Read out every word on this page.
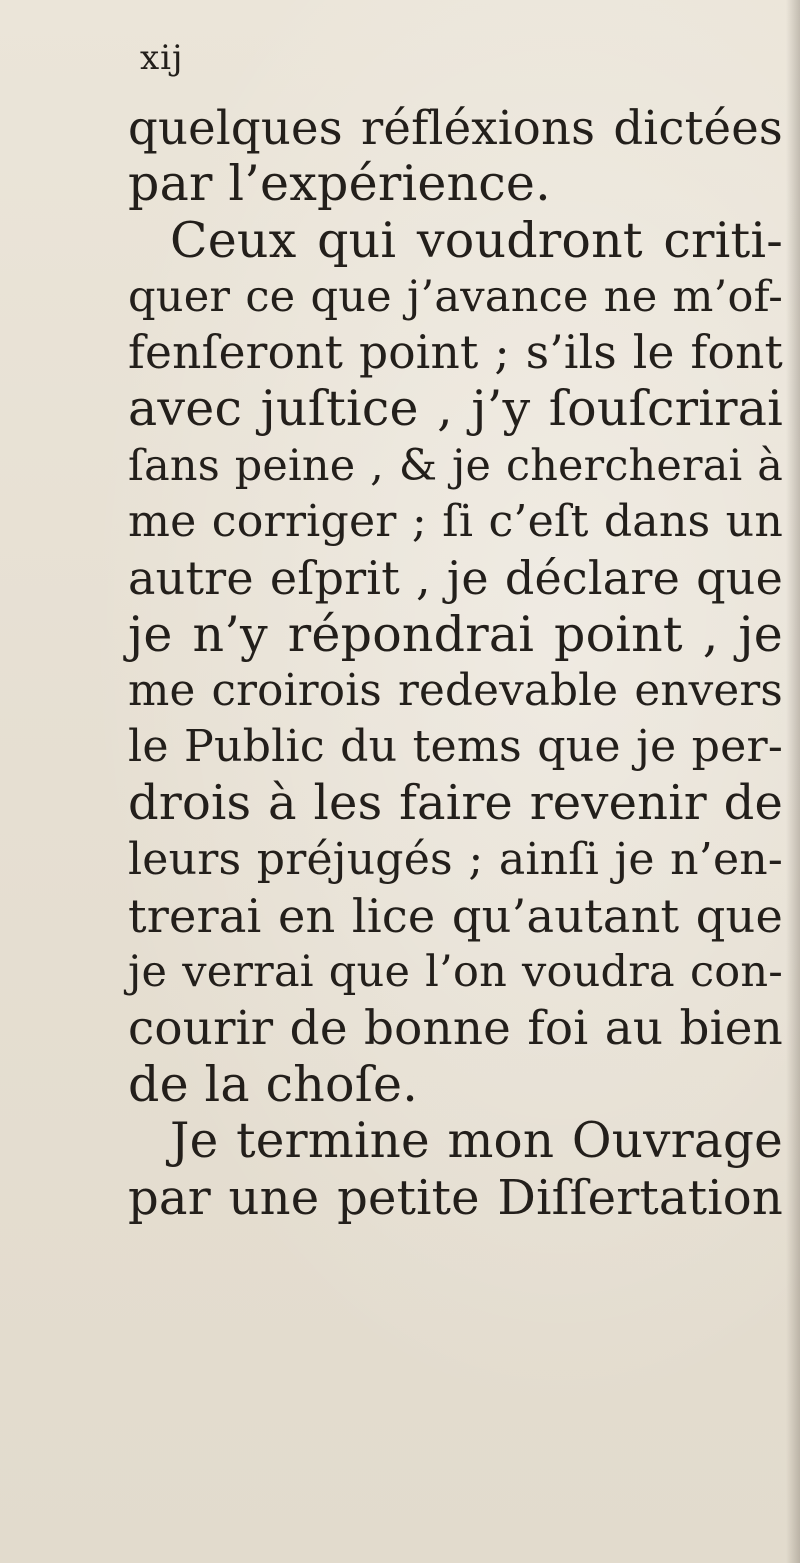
xij
quelques réfléxions dictées
par l’expérience.
Ceux qui voudront criti-
quer ce que j’avance ne m’of-
fenſeront point ; s’ils le font
avec juſtice , j’y ſouſcrirai
ſans peine , & je chercherai à
me corriger ; ſi c’eſt dans un
autre eſprit , je déclare que
je n’y répondrai point , je
me croirois redevable envers
le Public du tems que je per-
drois à les faire revenir de
leurs préjugés ; ainſi je n’en-
trerai en lice qu’autant que
je verrai que l’on voudra con-
courir de bonne foi au bien
de la choſe.
Je termine mon Ouvrage
par une petite Diſſertation
